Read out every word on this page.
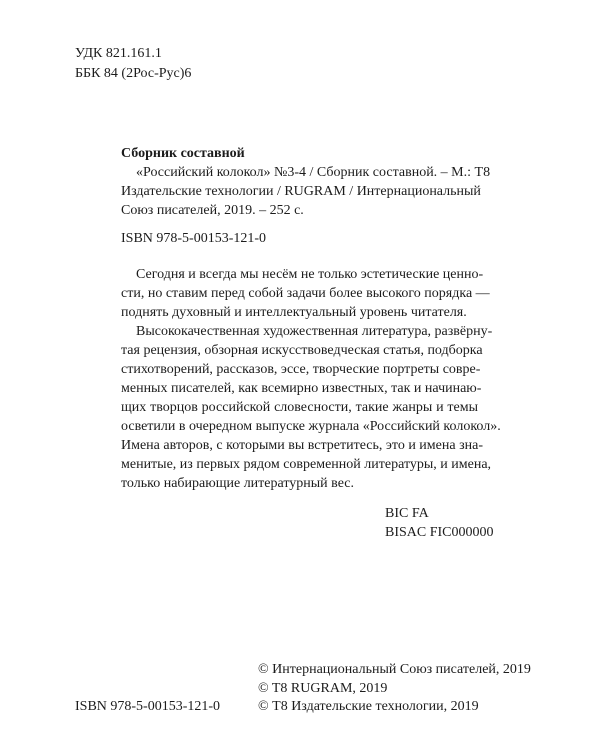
УДК 821.161.1
ББК 84 (2Рос-Рус)6
Сборник составной
«Российский колокол» №3-4 / Сборник составной. – М.: Т8
Издательские технологии / RUGRAM / Интернациональный
Союз писателей, 2019. – 252 с.
ISBN 978-5-00153-121-0
Сегодня и всегда мы несём не только эстетические ценно-
сти, но ставим перед собой задачи более высокого порядка —
поднять духовный и интеллектуальный уровень читателя.
Высококачественная художественная литература, развёрну-
тая рецензия, обзорная искусствоведческая статья, подборка
стихотворений, рассказов, эссе, творческие портреты совре-
менных писателей, как всемирно известных, так и начинаю-
щих творцов российской словесности, такие жанры и темы
осветили в очередном выпуске журнала «Российский колокол».
Имена авторов, с которыми вы встретитесь, это и имена зна-
менитые, из первых рядом современной литературы, и имена,
только набирающие литературный вес.
BIC FA
BISAC FIC000000
© Интернациональный Союз писателей, 2019
© T8 RUGRAM, 2019
ISBN 978-5-00153-121-0	© Т8 Издательские технологии, 2019
